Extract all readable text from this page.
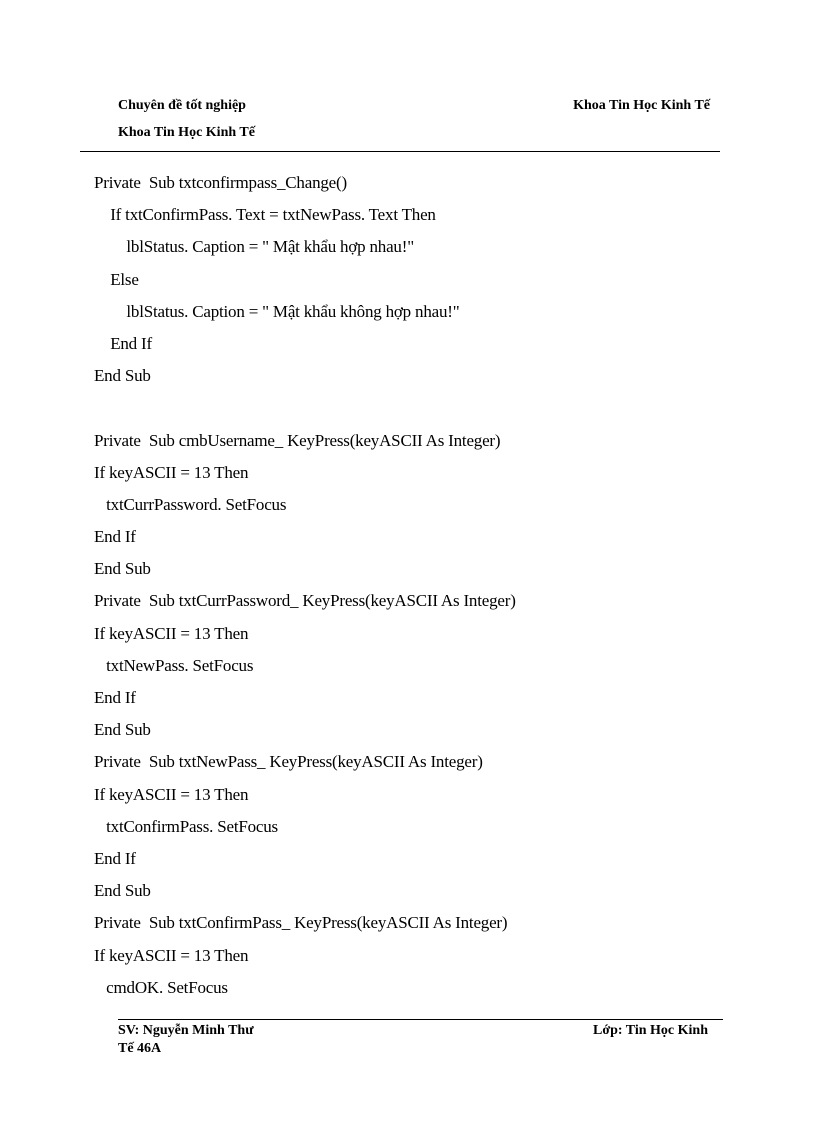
Chuyên đề tốt nghiệp
Khoa Tin Học Kinh Tế
Khoa Tin Học Kinh Tế
Private  Sub txtconfirmpass_Change()
If txtConfirmPass. Text = txtNewPass. Text Then
lblStatus. Caption = " Mật khẩu hợp nhau!"
Else
lblStatus. Caption = " Mật khẩu không hợp nhau!"
End If
End Sub
Private  Sub cmbUsername_ KeyPress(keyASCII As Integer)
If keyASCII = 13 Then
txtCurrPassword. SetFocus
End If
End Sub
Private  Sub txtCurrPassword_ KeyPress(keyASCII As Integer)
If keyASCII = 13 Then
txtNewPass. SetFocus
End If
End Sub
Private  Sub txtNewPass_ KeyPress(keyASCII As Integer)
If keyASCII = 13 Then
txtConfirmPass. SetFocus
End If
End Sub
Private  Sub txtConfirmPass_ KeyPress(keyASCII As Integer)
If keyASCII = 13 Then
cmdOK. SetFocus
SV: Nguyễn Minh Thư
Tế 46A
Lớp: Tin Học Kinh
